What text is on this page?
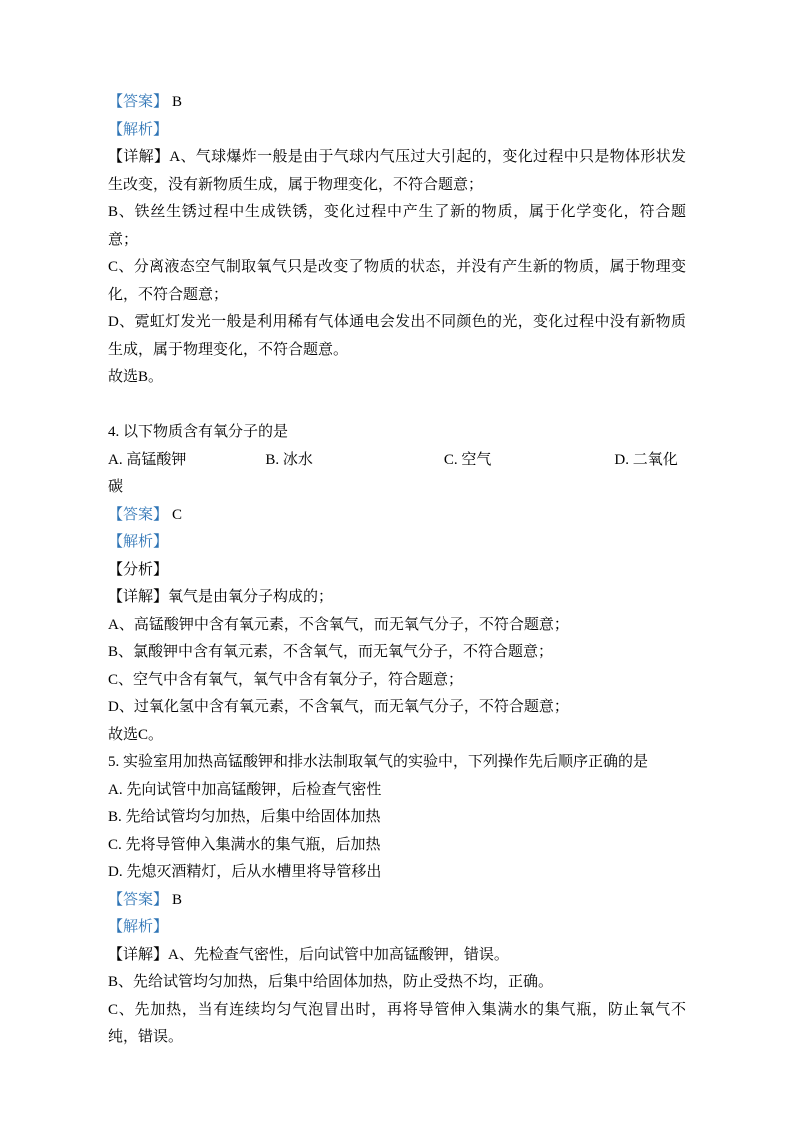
【答案】 B

【解析】

【详解】A、气球爆炸一般是由于气球内气压过大引起的，变化过程中只是物体形状发生改变，没有新物质生成，属于物理变化，不符合题意；

B、铁丝生锈过程中生成铁锈，变化过程中产生了新的物质，属于化学变化，符合题意；

C、分离液态空气制取氧气只是改变了物质的状态，并没有产生新的物质，属于物理变化，不符合题意；

D、霓虹灯发光一般是利用稀有气体通电会发出不同颜色的光，变化过程中没有新物质生成，属于物理变化，不符合题意。

故选B。

4. 以下物质含有氧分子的是

A. 高锰酸钾	B. 冰水	C. 空气	D. 二氧化碳

【答案】 C

【解析】

【分析】

【详解】氧气是由氧分子构成的；

A、高锰酸钾中含有氧元素，不含氧气，而无氧气分子，不符合题意；

B、氯酸钾中含有氧元素，不含氧气，而无氧气分子，不符合题意；

C、空气中含有氧气，氧气中含有氧分子，符合题意；

D、过氧化氢中含有氧元素，不含氧气，而无氧气分子，不符合题意；

故选C。

5. 实验室用加热高锰酸钾和排水法制取氧气的实验中，下列操作先后顺序正确的是

A. 先向试管中加高锰酸钾，后检查气密性

B. 先给试管均匀加热，后集中给固体加热

C. 先将导管伸入集满水的集气瓶，后加热

D. 先熄灭酒精灯，后从水槽里将导管移出

【答案】 B

【解析】

【详解】A、先检查气密性，后向试管中加高锰酸钾，错误。

B、先给试管均匀加热，后集中给固体加热，防止受热不均，正确。

C、先加热，当有连续均匀气泡冒出时，再将导管伸入集满水的集气瓶，防止氧气不纯，错误。
